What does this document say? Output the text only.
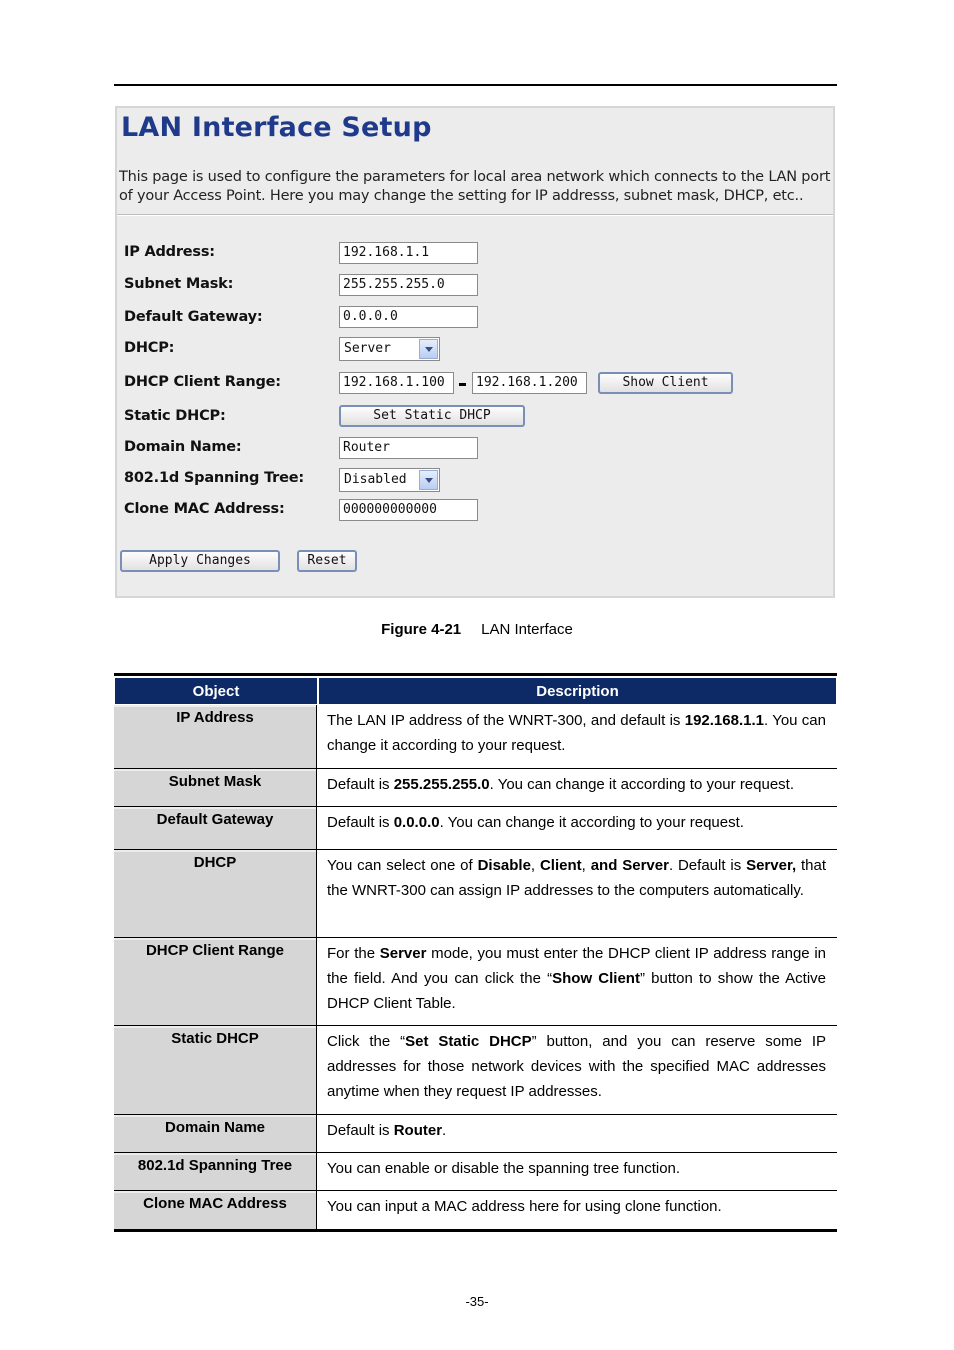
LAN Interface Setup
This page is used to configure the parameters for local area network which connects to the LAN port of your Access Point. Here you may change the setting for IP addresss, subnet mask, DHCP, etc..
IP Address:	192.168.1.1
Subnet Mask:	255.255.255.0
Default Gateway:	0.0.0.0
DHCP:	Server
DHCP Client Range:	192.168.1.100	192.168.1.200	Show Client
Static DHCP:	Set Static DHCP
Domain Name:	Router
802.1d Spanning Tree:	Disabled
Clone MAC Address:	000000000000
Apply Changes	Reset
Figure 4-21 LAN Interface
Object	Description
IP Address	The LAN IP address of the WNRT-300, and default is 192.168.1.1. You can change it according to your request.
Subnet Mask	Default is 255.255.255.0. You can change it according to your request.
Default Gateway	Default is 0.0.0.0. You can change it according to your request.
DHCP	You can select one of Disable, Client, and Server. Default is Server, that the WNRT-300 can assign IP addresses to the computers automatically.
DHCP Client Range	For the Server mode, you must enter the DHCP client IP address range in the field. And you can click the “Show Client” button to show the Active DHCP Client Table.
Static DHCP	Click the “Set Static DHCP” button, and you can reserve some IP addresses for those network devices with the specified MAC addresses anytime when they request IP addresses.
Domain Name	Default is Router.
802.1d Spanning Tree	You can enable or disable the spanning tree function.
Clone MAC Address	You can input a MAC address here for using clone function.
-35-
